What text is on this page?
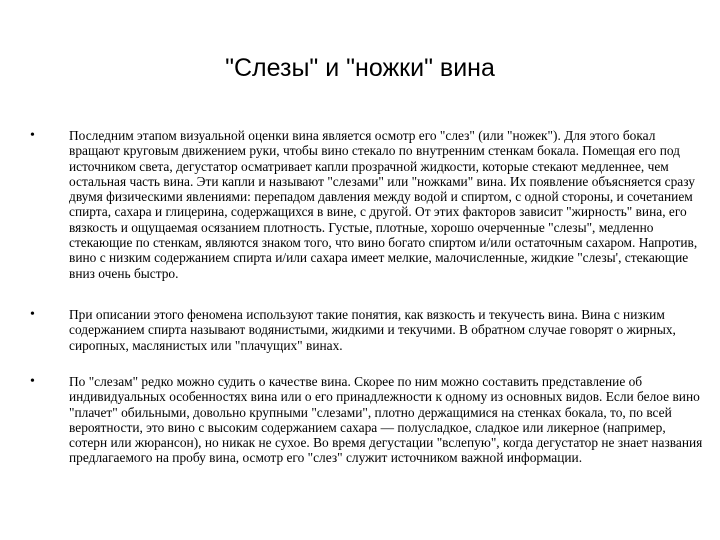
"Слезы" и "ножки" вина
•	Последним этапом визуальной оценки вина является осмотр его "слез" (или "ножек"). Для этого бокал вращают круговым движением руки, чтобы вино стекало по внутренним стенкам бокала. Помещая его под источником света, дегустатор осматривает капли прозрачной жидкости, которые стекают медленнее, чем остальная часть вина. Эти капли и называют "слезами" или "ножками" вина. Их появление объясняется сразу двумя физическими явлениями: перепадом давления между водой и спиртом, с одной стороны, и сочетанием спирта, сахара и глицерина, содержащихся в вине, с другой. От этих факторов зависит "жирность" вина, его вязкость и ощущаемая осязанием плотность. Густые, плотные, хорошо очерченные "слезы", медленно стекающие по стенкам, являются знаком того, что вино богато спиртом и/или остаточным сахаром. Напротив, вино с низким содержанием спирта и/или сахара имеет мелкие, малочисленные, жидкие "слезы', стекающие вниз очень быстро.
•	При описании этого феномена используют такие понятия, как вязкость и текучесть вина. Вина с низким содержанием спирта называют водянистыми, жидкими и текучими. В обратном случае говорят о жирных, сиропных, маслянистых или "плачущих" винах.
•	По "слезам" редко можно судить о качестве вина. Скорее по ним можно составить представление об индивидуальных особенностях вина или о его принадлежности к одному из основных видов. Если белое вино "плачет" обильными, довольно крупными "слезами", плотно держащимися на стенках бокала, то, по всей вероятности, это вино с высоким содержанием сахара — полусладкое, сладкое или ликерное (например, сотерн или жюрансон), но никак не сухое. Во время дегустации "вслепую", когда дегустатор не знает названия предлагаемого на пробу вина, осмотр его "слез" служит источником важной информации.
